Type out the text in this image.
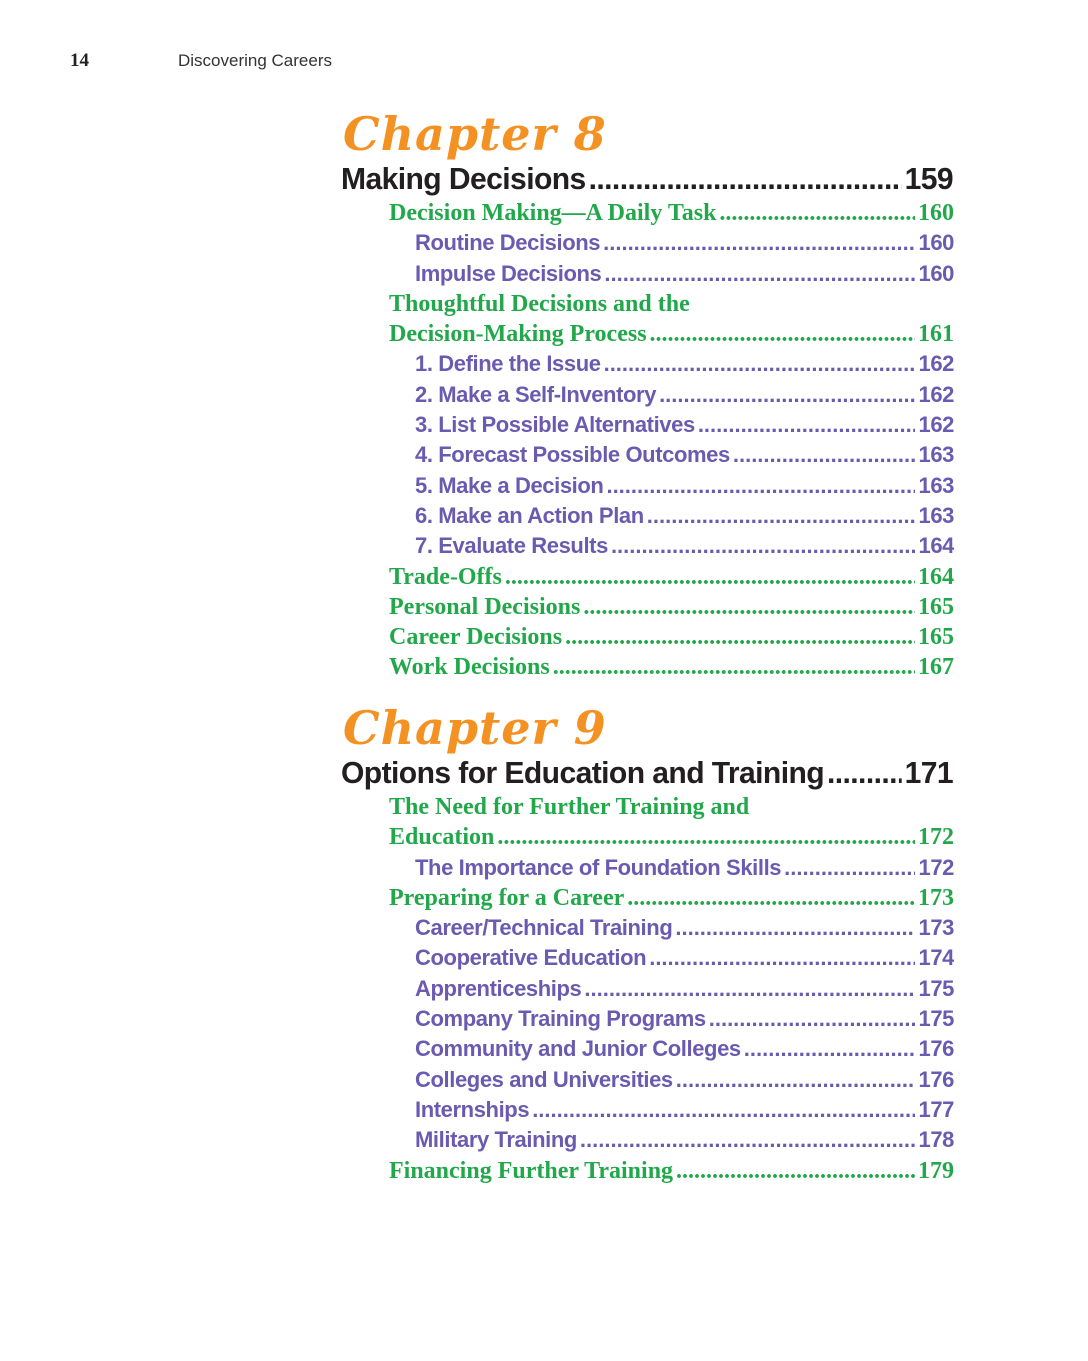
14	Discovering Careers
Chapter 8
Making Decisions .....	159
Decision Making—A Daily Task .....	160
Routine Decisions .....	160
Impulse Decisions .....	160
Thoughtful Decisions and the
Decision-Making Process .....	161
1. Define the Issue .....	162
2. Make a Self-Inventory .....	162
3. List Possible Alternatives .....	162
4. Forecast Possible Outcomes .....	163
5. Make a Decision .....	163
6. Make an Action Plan .....	163
7. Evaluate Results .....	164
Trade-Offs .....	164
Personal Decisions .....	165
Career Decisions .....	165
Work Decisions .....	167
Chapter 9
Options for Education and Training .....	171
The Need for Further Training and
Education .....	172
The Importance of Foundation Skills .....	172
Preparing for a Career .....	173
Career/Technical Training .....	173
Cooperative Education .....	174
Apprenticeships .....	175
Company Training Programs .....	175
Community and Junior Colleges .....	176
Colleges and Universities .....	176
Internships .....	177
Military Training .....	178
Financing Further Training .....	179
